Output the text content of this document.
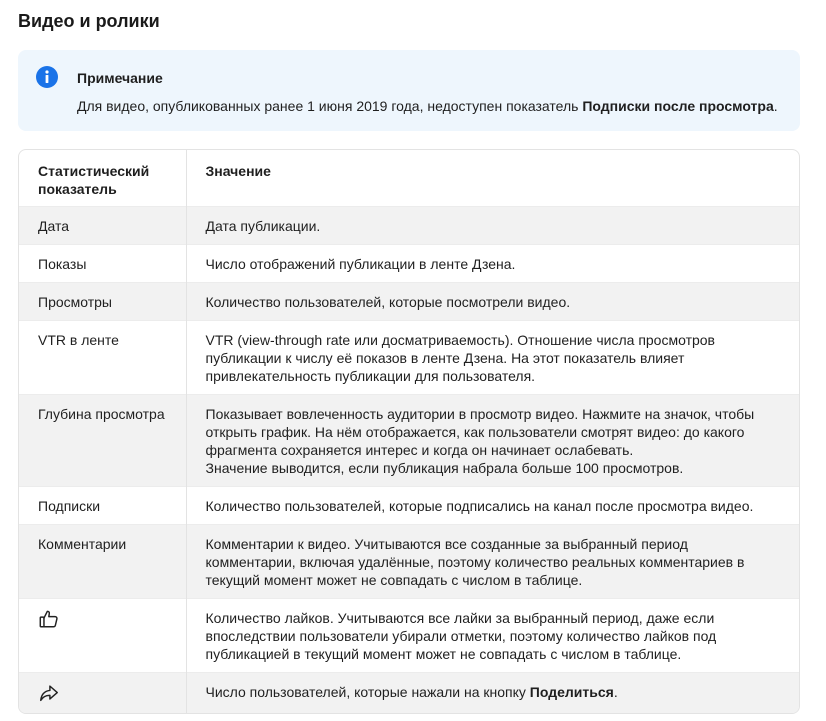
Видео и ролики

Примечание

Для видео, опубликованных ранее 1 июня 2019 года, недоступен показатель Подписки после просмотра.

Статистический показатель	Значение
Дата	Дата публикации.
Показы	Число отображений публикации в ленте Дзена.
Просмотры	Количество пользователей, которые посмотрели видео.
VTR в ленте	VTR (view-through rate или досматриваемость). Отношение числа просмотров публикации к числу её показов в ленте Дзена. На этот показатель влияет привлекательность публикации для пользователя.
Глубина просмотра	Показывает вовлеченность аудитории в просмотр видео. Нажмите на значок, чтобы открыть график. На нём отображается, как пользователи смотрят видео: до какого фрагмента сохраняется интерес и когда он начинает ослабевать.
Значение выводится, если публикация набрала больше 100 просмотров.
Подписки	Количество пользователей, которые подписались на канал после просмотра видео.
Комментарии	Комментарии к видео. Учитываются все созданные за выбранный период комментарии, включая удалённые, поэтому количество реальных комментариев в текущий момент может не совпадать с числом в таблице.

	Количество лайков. Учитываются все лайки за выбранный период, даже если впоследствии пользователи убирали отметки, поэтому количество лайков под публикацией в текущий момент может не совпадать с числом в таблице.

	Число пользователей, которые нажали на кнопку Поделиться.
